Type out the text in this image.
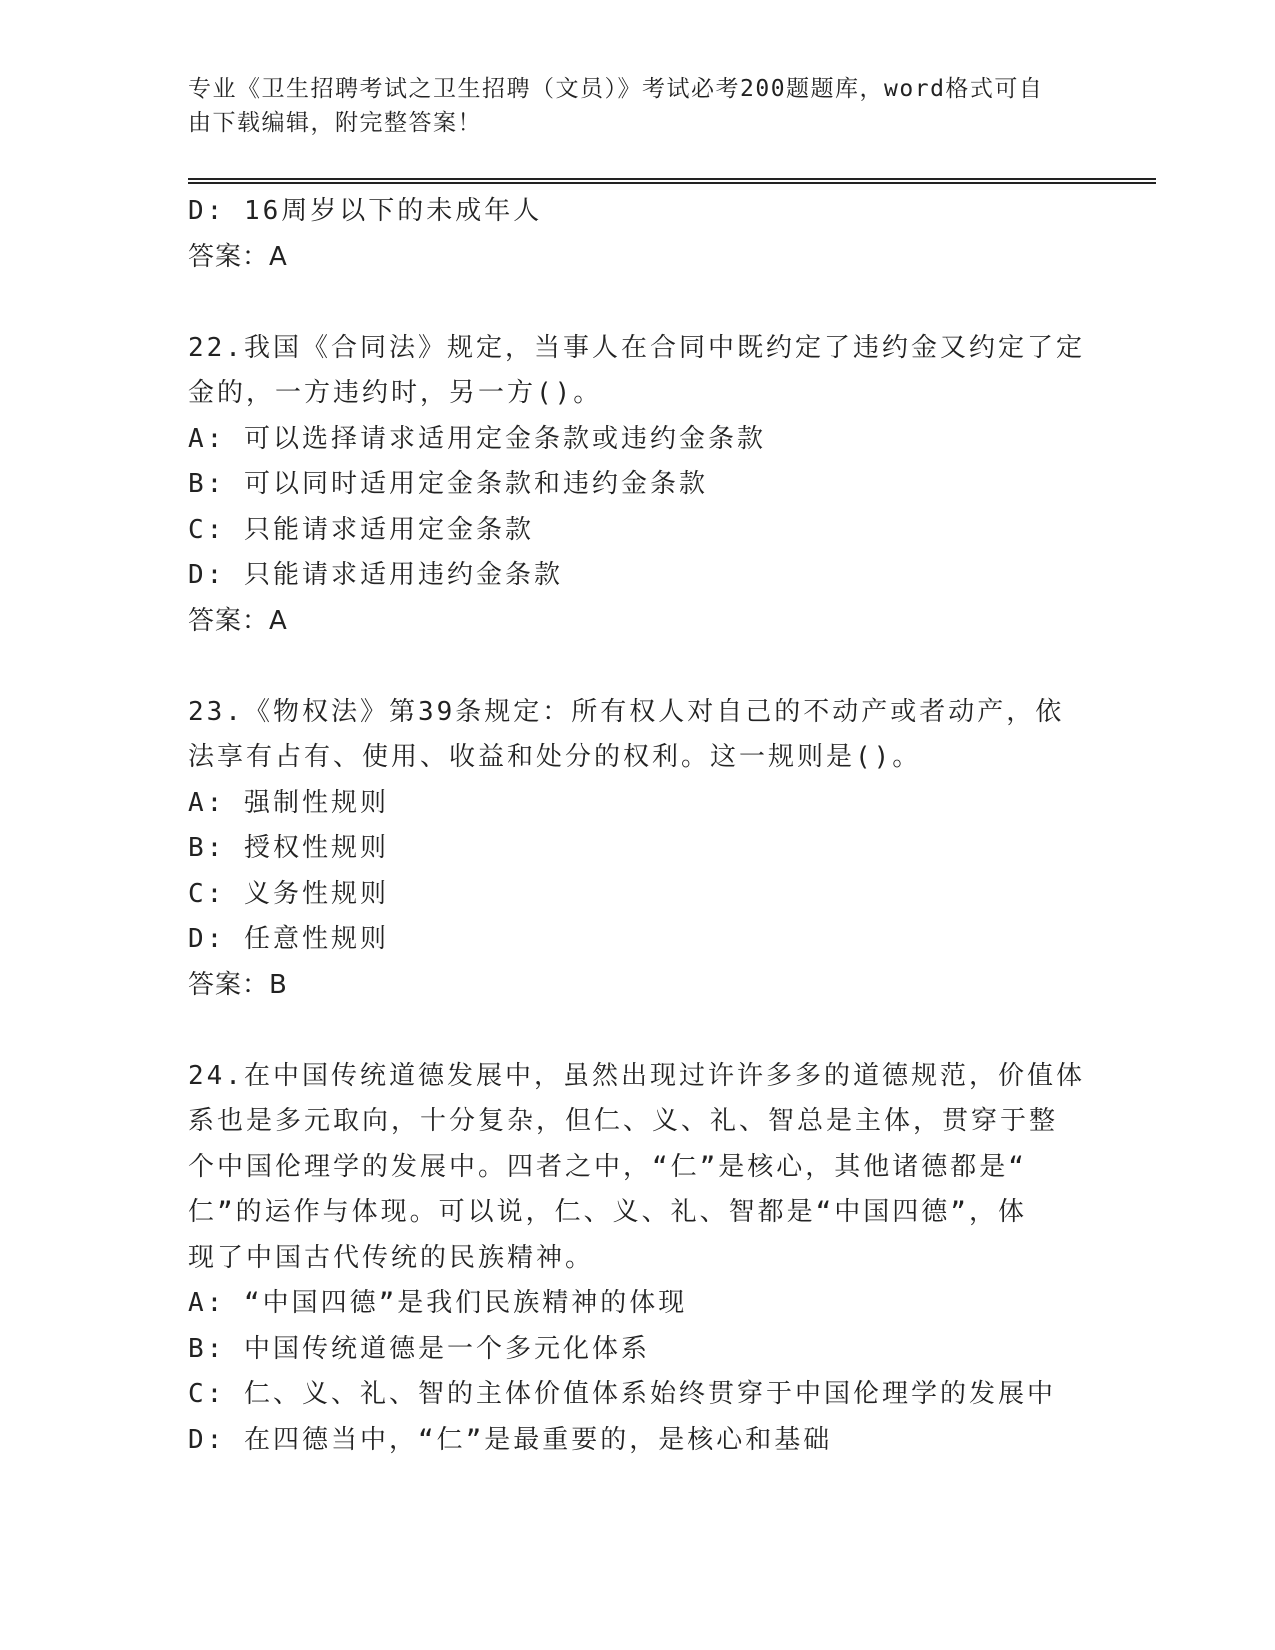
专业《卫生招聘考试之卫生招聘（文员）》考试必考200题题库，word格式可自
由下载编辑，附完整答案！
D: 16周岁以下的未成年人
答案：A
22.我国《合同法》规定，当事人在合同中既约定了违约金又约定了定
金的，一方违约时，另一方()。
A: 可以选择请求适用定金条款或违约金条款
B: 可以同时适用定金条款和违约金条款
C: 只能请求适用定金条款
D: 只能请求适用违约金条款
答案：A
23.《物权法》第39条规定：所有权人对自己的不动产或者动产，依
法享有占有、使用、收益和处分的权利。这一规则是()。
A: 强制性规则
B: 授权性规则
C: 义务性规则
D: 任意性规则
答案：B
24.在中国传统道德发展中，虽然出现过许许多多的道德规范，价值体
系也是多元取向，十分复杂，但仁、义、礼、智总是主体，贯穿于整
个中国伦理学的发展中。四者之中，“仁”是核心，其他诸德都是“
仁”的运作与体现。可以说，仁、义、礼、智都是“中国四德”，体
现了中国古代传统的民族精神。
A: “中国四德”是我们民族精神的体现
B: 中国传统道德是一个多元化体系
C: 仁、义、礼、智的主体价值体系始终贯穿于中国伦理学的发展中
D: 在四德当中，“仁”是最重要的，是核心和基础
